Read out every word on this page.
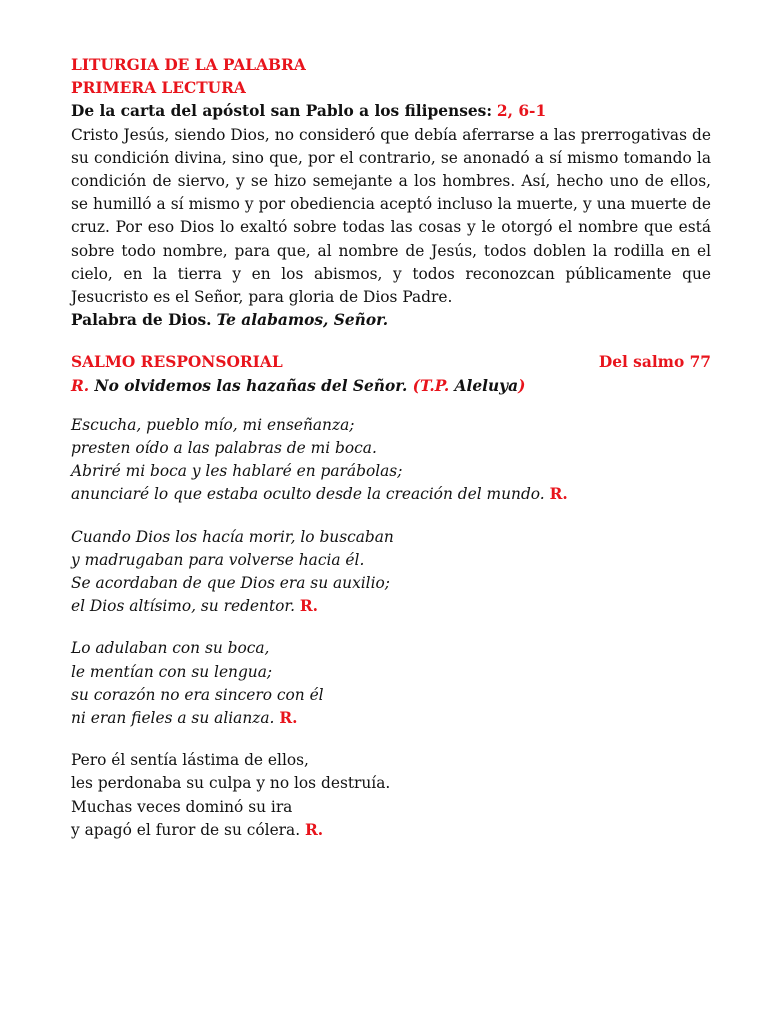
LITURGIA DE LA PALABRA
PRIMERA LECTURA
De la carta del apóstol san Pablo a los filipenses: 2, 6-1
Cristo Jesús, siendo Dios, no consideró que debía aferrarse a las prerrogativas de su condición divina, sino que, por el contrario, se anonadó a sí mismo tomando la condición de siervo, y se hizo semejante a los hombres. Así, hecho uno de ellos, se humilló a sí mismo y por obediencia aceptó incluso la muerte, y una muerte de cruz. Por eso Dios lo exaltó sobre todas las cosas y le otorgó el nombre que está sobre todo nombre, para que, al nombre de Jesús, todos doblen la rodilla en el cielo, en la tierra y en los abismos, y todos reconozcan públicamente que Jesucristo es el Señor, para gloria de Dios Padre.
Palabra de Dios. Te alabamos, Señor.
SALMO RESPONSORIAL	Del salmo 77
R. No olvidemos las hazañas del Señor. (T.P. Aleluya)
Escucha, pueblo mío, mi enseñanza;
presten oído a las palabras de mi boca.
Abriré mi boca y les hablaré en parábolas;
anunciaré lo que estaba oculto desde la creación del mundo. R.
Cuando Dios los hacía morir, lo buscaban
y madrugaban para volverse hacia él.
Se acordaban de que Dios era su auxilio;
el Dios altísimo, su redentor. R.
Lo adulaban con su boca,
le mentían con su lengua;
su corazón no era sincero con él
ni eran fieles a su alianza. R.
Pero él sentía lástima de ellos,
les perdonaba su culpa y no los destruía.
Muchas veces dominó su ira
y apagó el furor de su cólera. R.
